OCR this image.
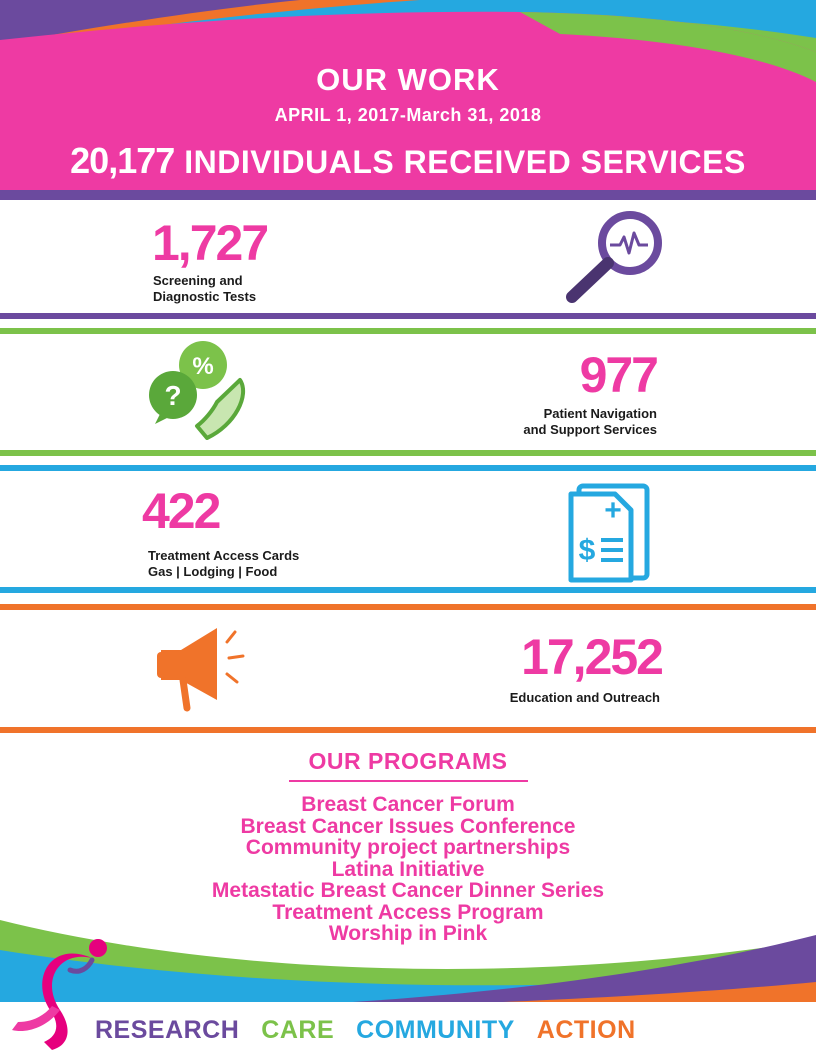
OUR WORK
APRIL 1, 2017-March 31, 2018
20,177 INDIVIDUALS RECEIVED SERVICES
1,727
Screening and
Diagnostic Tests
%
?	977
Patient Navigation
and Support Services
422
Treatment Access Cards
Gas | Lodging | Food
+
$
17,252
Education and Outreach
OUR PROGRAMS
Breast Cancer Forum
Breast Cancer Issues Conference
Community project partnerships
Latina Initiative
Metastatic Breast Cancer Dinner Series
Treatment Access Program
Worship in Pink
RESEARCH CARE COMMUNITY ACTION
